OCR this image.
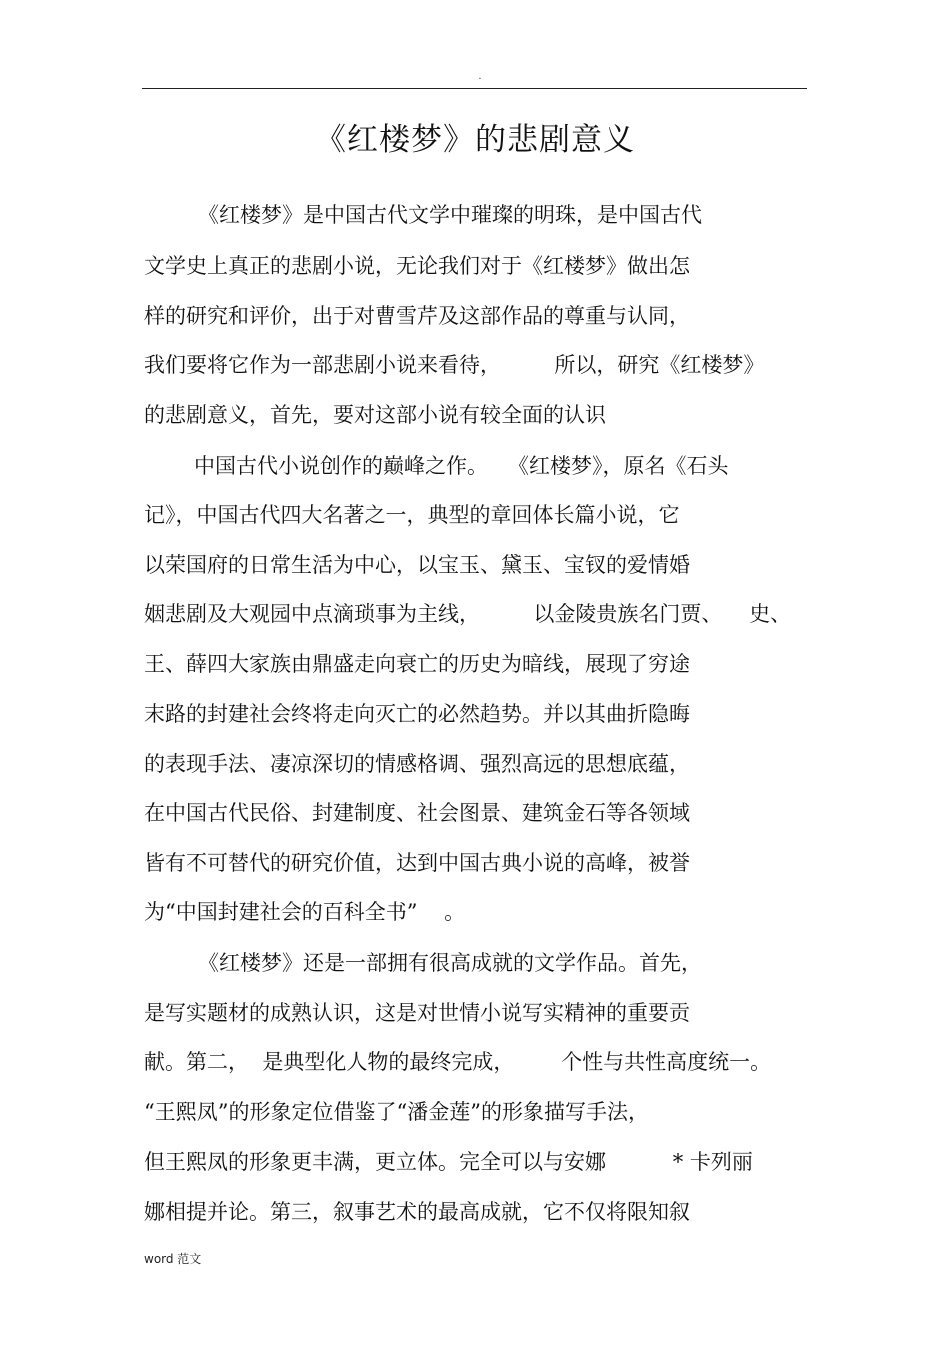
.
《红楼梦》的悲剧意义
《红楼梦》是中国古代文学中璀璨的明珠，是中国古代
文学史上真正的悲剧小说，无论我们对于《红楼梦》做出怎
样的研究和评价，出于对曹雪芹及这部作品的尊重与认同，
我们要将它作为一部悲剧小说来看待，        所以，研究《红楼梦》
的悲剧意义，首先，要对这部小说有较全面的认识
中国古代小说创作的巅峰之作。   《红楼梦》，原名《石头
记》，中国古代四大名著之一，典型的章回体长篇小说，它
以荣国府的日常生活为中心，以宝玉、黛玉、宝钗的爱情婚
姻悲剧及大观园中点滴琐事为主线，        以金陵贵族名门贾、    史、
王、薛四大家族由鼎盛走向衰亡的历史为暗线，展现了穷途
末路的封建社会终将走向灭亡的必然趋势。并以其曲折隐晦
的表现手法、凄凉深切的情感格调、强烈高远的思想底蕴，
在中国古代民俗、封建制度、社会图景、建筑金石等各领域
皆有不可替代的研究价值，达到中国古典小说的高峰，被誉
为“中国封建社会的百科全书”    。
《红楼梦》还是一部拥有很高成就的文学作品。首先，
是写实题材的成熟认识，这是对世情小说写实精神的重要贡
献。第二，  是典型化人物的最终完成，       个性与共性高度统一。
“王熙凤”的形象定位借鉴了“潘金莲”的形象描写手法，
但王熙凤的形象更丰满，更立体。完全可以与安娜          * 卡列丽
娜相提并论。第三，叙事艺术的最高成就，它不仅将限知叙
word 范文
